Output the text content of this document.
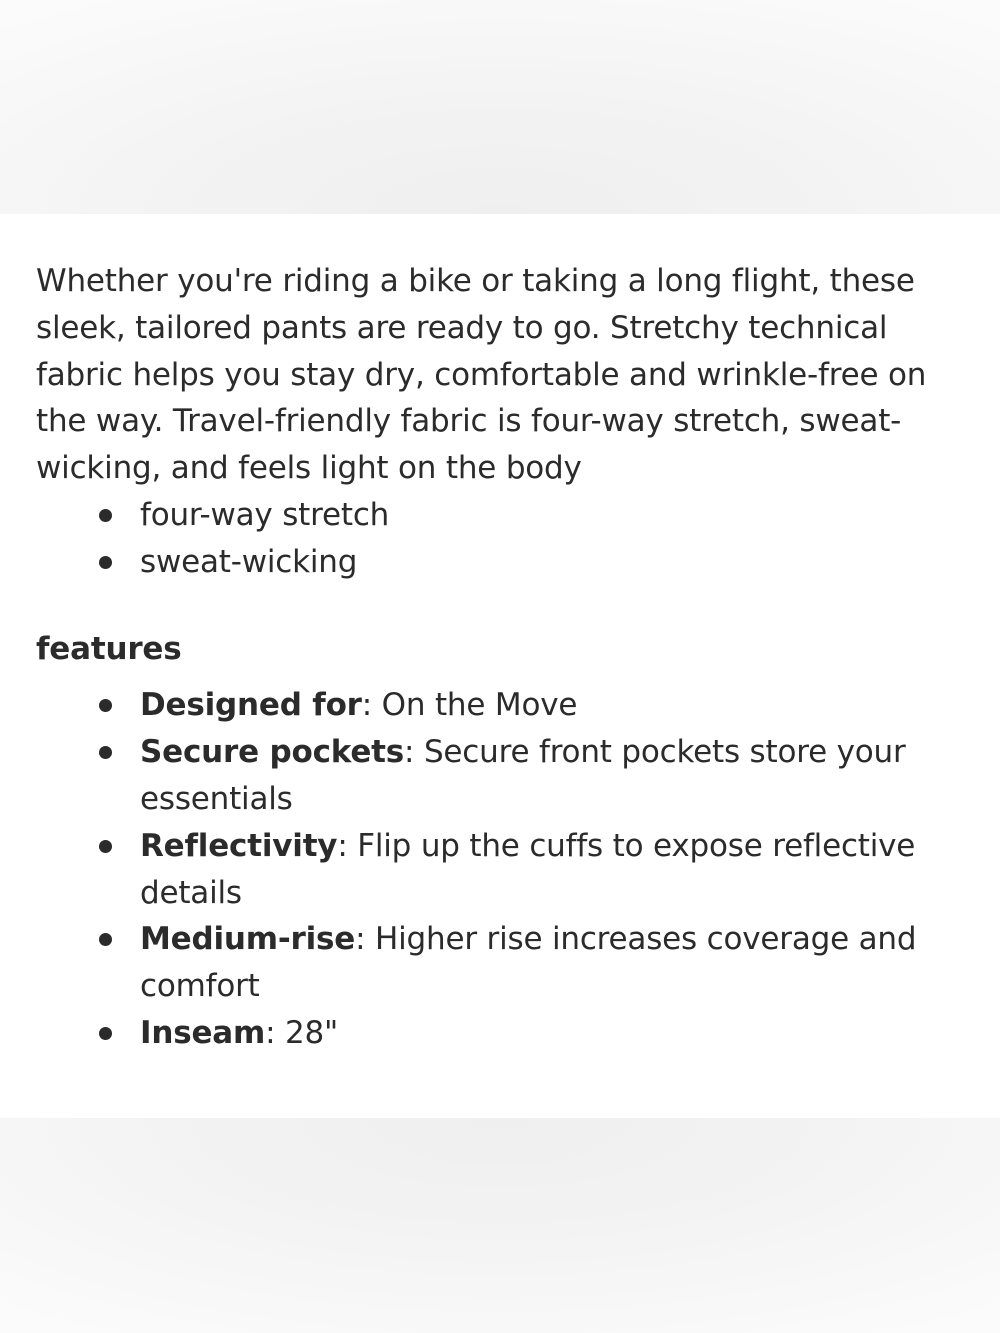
Whether you're riding a bike or taking a long flight, these sleek, tailored pants are ready to go. Stretchy technical fabric helps you stay dry, comfortable and wrinkle-free on the way. Travel-friendly fabric is four-way stretch, sweat-wicking, and feels light on the body

four-way stretch
sweat-wicking
features
Designed for: On the Move
Secure pockets: Secure front pockets store your essentials
Reflectivity: Flip up the cuffs to expose reflective details
Medium-rise: Higher rise increases coverage and comfort
Inseam: 28"
